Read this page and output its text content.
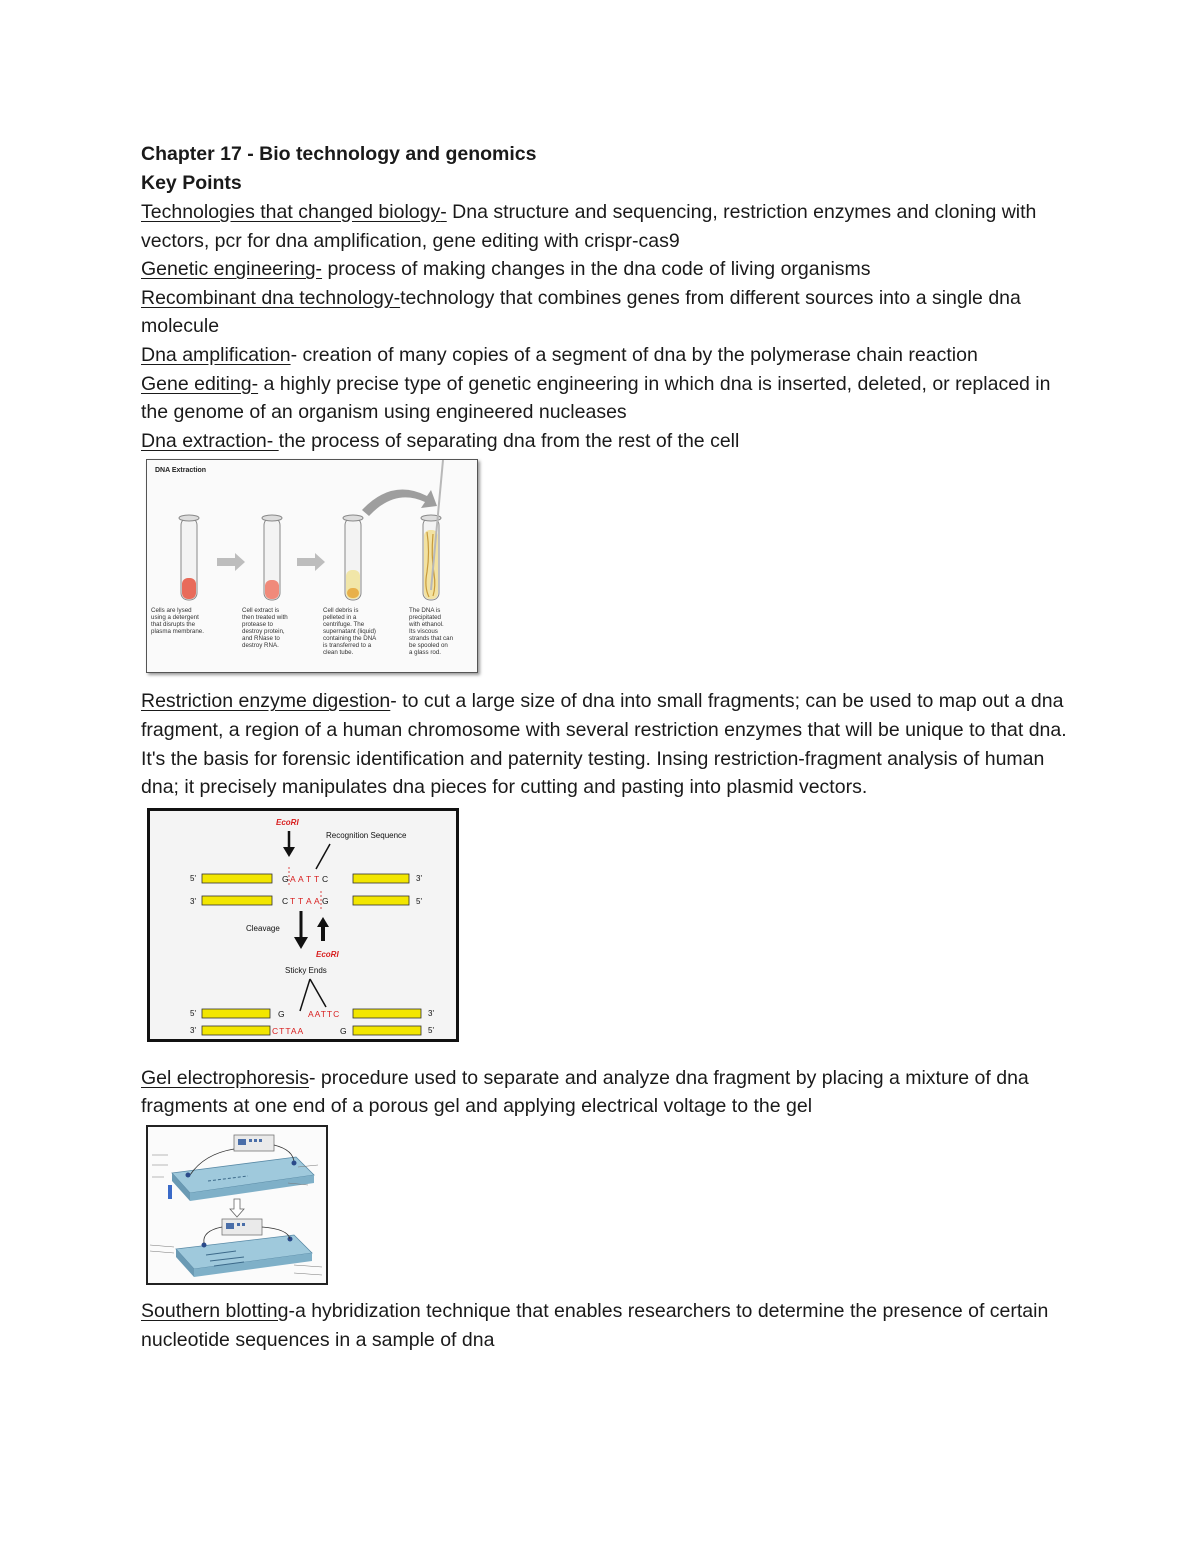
Chapter 17 - Bio technology and genomics
Key Points

Technologies that changed biology- Dna structure and sequencing, restriction enzymes and cloning with vectors, pcr for dna amplification, gene editing with crispr-cas9

Genetic engineering- process of making changes in the dna code of living organisms

Recombinant dna technology-technology that combines genes from different sources into a single dna molecule

Dna amplification- creation of many copies of a segment of dna by the polymerase chain reaction

Gene editing- a highly precise type of genetic engineering in which dna is inserted, deleted, or replaced in the genome of an organism using engineered nucleases

Dna extraction- the process of separating dna from the rest of the cell

DNA Extraction
Cells are lysed
using a detergent
that disrupts the
plasma membrane.
Cell extract is
then treated with
protease to
destroy protein,
and RNase to
destroy RNA.
Cell debris is
pelleted in a
centrifuge. The
supernatant (liquid)
containing the DNA
is transferred to a
clean tube.
The DNA is
precipitated
with ethanol.
Its viscous
strands that can
be spooled on
a glass rod.

Restriction enzyme digestion- to cut a large size of dna into small fragments; can be used to map out a dna fragment, a region of a human chromosome with several restriction enzymes that will be unique to that dna. It's the basis for forensic identification and paternity testing. Insing restriction-fragment analysis of human dna; it precisely manipulates dna pieces for cutting and pasting into plasmid vectors.

EcoRI
Recognition Sequence
5'	G A A T T C	3'
3'	C T T A A G	5'
Cleavage
EcoRI
Sticky Ends
5'	G	AATTC	3'
3'	CTTAA	G	5'

Gel electrophoresis- procedure used to separate and analyze dna fragment by placing a mixture of dna fragments at one end of a porous gel and applying electrical voltage to the gel

Southern blotting-a hybridization technique that enables researchers to determine the presence of certain nucleotide sequences in a sample of dna
